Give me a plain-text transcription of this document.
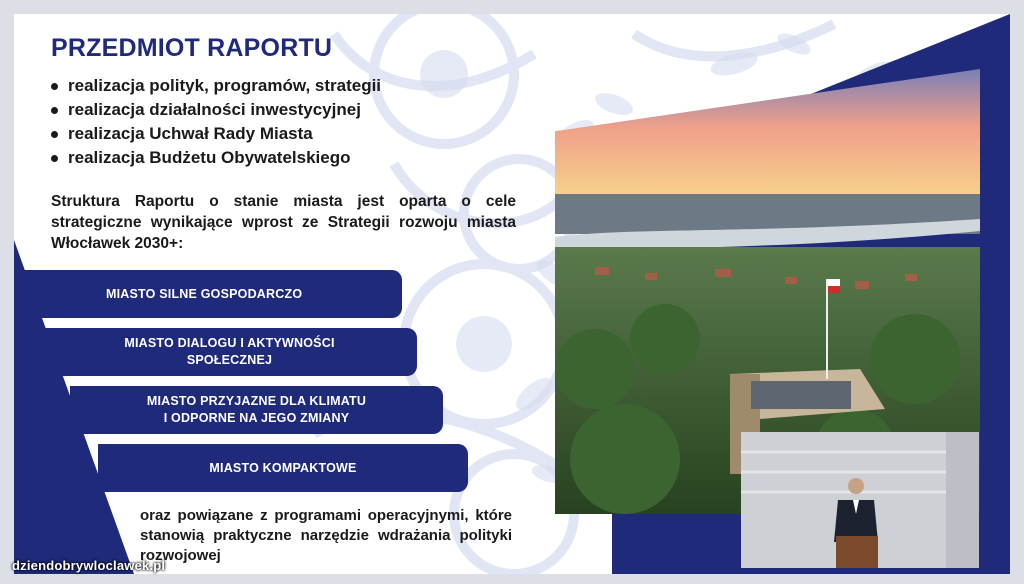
PRZEDMIOT RAPORTU
realizacja polityk, programów, strategii
realizacja działalności inwestycyjnej
realizacja Uchwał Rady Miasta
realizacja Budżetu Obywatelskiego

Struktura Raportu o stanie miasta jest oparta o cele strategiczne wynikające wprost ze Strategii rozwoju miasta Włocławek 2030+:

MIASTO SILNE GOSPODARCZO
MIASTO DIALOGU I AKTYWNOŚCI
SPOŁECZNEJ
MIASTO PRZYJAZNE DLA KLIMATU
I ODPORNE NA JEGO ZMIANY
MIASTO KOMPAKTOWE

oraz powiązane z programami operacyjnymi, które stanowią praktyczne narzędzie wdrażania polityki rozwojowej

dziendobrywloclawek.pl
